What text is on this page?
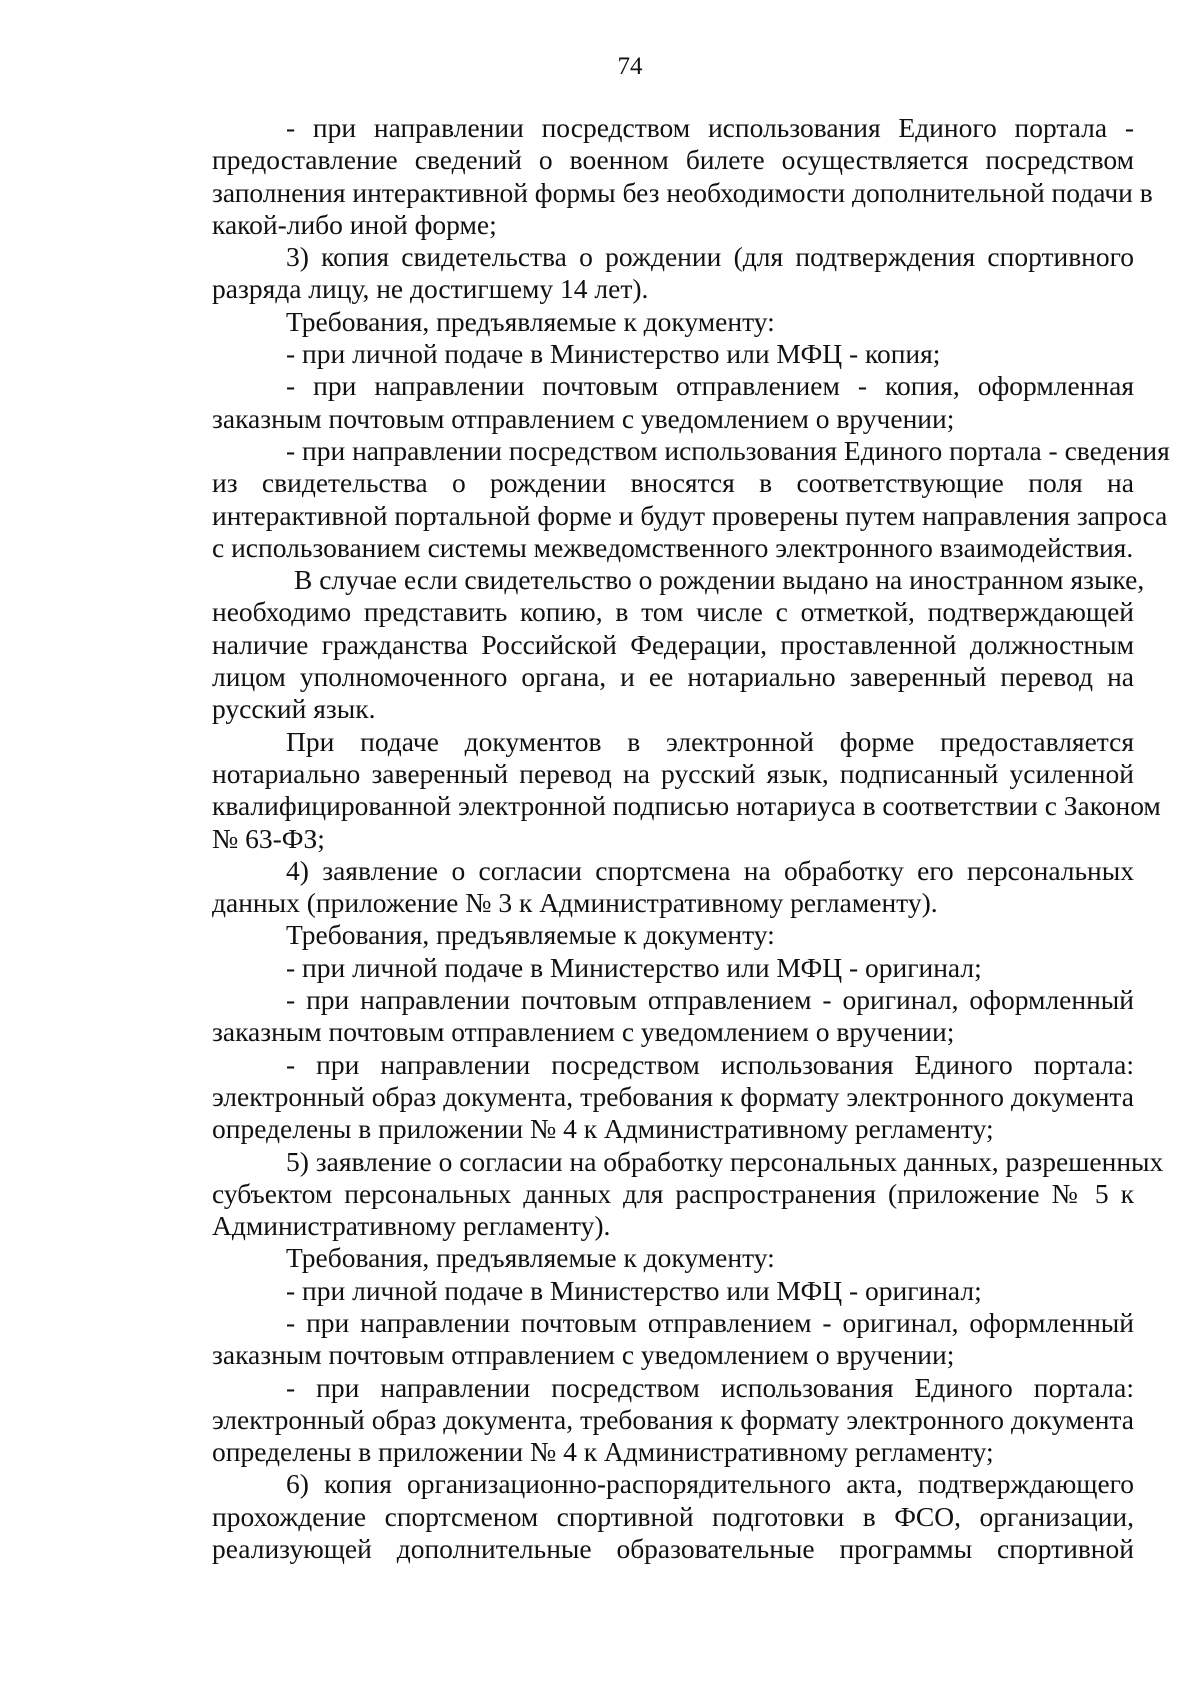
74
- при направлении посредством использования Единого портала -
предоставление сведений о военном билете осуществляется посредством
заполнения интерактивной формы без необходимости дополнительной подачи в
какой-либо иной форме;
3) копия свидетельства о рождении (для подтверждения спортивного
разряда лицу, не достигшему 14 лет).
Требования, предъявляемые к документу:
- при личной подаче в Министерство или МФЦ - копия;
- при направлении почтовым отправлением - копия, оформленная
заказным почтовым отправлением с уведомлением о вручении;
- при направлении посредством использования Единого портала - сведения
из свидетельства о рождении вносятся в соответствующие поля на
интерактивной портальной форме и будут проверены путем направления запроса
с использованием системы межведомственного электронного взаимодействия.
В случае если свидетельство о рождении выдано на иностранном языке,
необходимо представить копию, в том числе с отметкой, подтверждающей
наличие гражданства Российской Федерации, проставленной должностным
лицом уполномоченного органа, и ее нотариально заверенный перевод на
русский язык.
При подаче документов в электронной форме предоставляется
нотариально заверенный перевод на русский язык, подписанный усиленной
квалифицированной электронной подписью нотариуса в соответствии с Законом
№ 63-ФЗ;
4) заявление о согласии спортсмена на обработку его персональных
данных (приложение № 3 к Административному регламенту).
Требования, предъявляемые к документу:
- при личной подаче в Министерство или МФЦ - оригинал;
- при направлении почтовым отправлением - оригинал, оформленный
заказным почтовым отправлением с уведомлением о вручении;
- при направлении посредством использования Единого портала:
электронный образ документа, требования к формату электронного документа
определены в приложении № 4 к Административному регламенту;
5) заявление о согласии на обработку персональных данных, разрешенных
субъектом персональных данных для распространения (приложение № 5 к
Административному регламенту).
Требования, предъявляемые к документу:
- при личной подаче в Министерство или МФЦ - оригинал;
- при направлении почтовым отправлением - оригинал, оформленный
заказным почтовым отправлением с уведомлением о вручении;
- при направлении посредством использования Единого портала:
электронный образ документа, требования к формату электронного документа
определены в приложении № 4 к Административному регламенту;
6) копия организационно-распорядительного акта, подтверждающего
прохождение спортсменом спортивной подготовки в ФСО, организации,
реализующей дополнительные образовательные программы спортивной
